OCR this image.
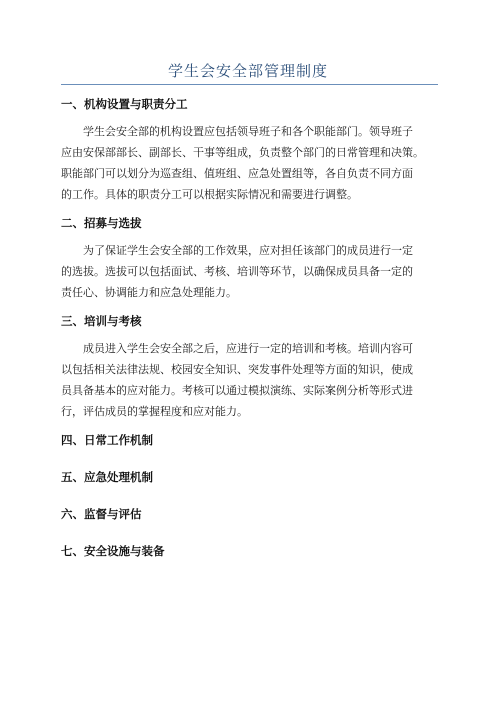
学生会安全部管理制度
一、机构设置与职责分工
学生会安全部的机构设置应包括领导班子和各个职能部门。领导班子
应由安保部部长、副部长、干事等组成，负责整个部门的日常管理和决策。
职能部门可以划分为巡查组、值班组、应急处置组等，各自负责不同方面
的工作。具体的职责分工可以根据实际情况和需要进行调整。
二、招募与选拔
为了保证学生会安全部的工作效果，应对担任该部门的成员进行一定
的选拔。选拔可以包括面试、考核、培训等环节，以确保成员具备一定的
责任心、协调能力和应急处理能力。
三、培训与考核
成员进入学生会安全部之后，应进行一定的培训和考核。培训内容可
以包括相关法律法规、校园安全知识、突发事件处理等方面的知识，使成
员具备基本的应对能力。考核可以通过模拟演练、实际案例分析等形式进
行，评估成员的掌握程度和应对能力。
四、日常工作机制
五、应急处理机制
六、监督与评估
七、安全设施与装备
